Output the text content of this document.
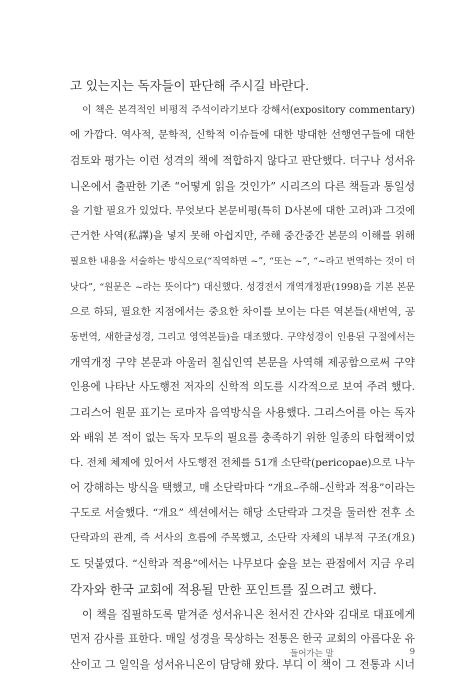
고 있는지는 독자들이 판단해 주시길 바란다.
이 책은 본격적인 비평적 주석이라기보다 강해서(expository commentary)
에 가깝다. 역사적, 문학적, 신학적 이슈들에 대한 방대한 선행연구들에 대한
검토와 평가는 이런 성격의 책에 적합하지 않다고 판단했다. 더구나 성서유
니온에서 출판한 기존 “어떻게 읽을 것인가” 시리즈의 다른 책들과 통일성
을 기할 필요가 있었다. 무엇보다 본문비평(특히 D사본에 대한 고려)과 그것에
근거한 사역(私譯)을 넣지 못해 아쉽지만, 주해 중간중간 본문의 이해를 위해
필요한 내용을 서술하는 방식으로(“직역하면 ~”, “또는 ~”, “~라고 번역하는 것이 더
낫다”, “원문은 ~라는 뜻이다”) 대신했다. 성경전서 개역개정판(1998)을 기본 본문
으로 하되, 필요한 지점에서는 중요한 차이를 보이는 다른 역본들(새번역, 공
동번역, 새한글성경, 그리고 영역본들)을 대조했다. 구약성경이 인용된 구절에서는
개역개정 구약 본문과 아울러 칠십인역 본문을 사역해 제공함으로써 구약
인용에 나타난 사도행전 저자의 신학적 의도를 시각적으로 보여 주려 했다.
그리스어 원문 표기는 로마자 음역방식을 사용했다. 그리스어를 아는 독자
와 배워 본 적이 없는 독자 모두의 필요를 충족하기 위한 일종의 타협책이었
다. 전체 체제에 있어서 사도행전 전체를 51개 소단락(pericopae)으로 나누
어 강해하는 방식을 택했고, 매 소단락마다 “개요–주해–신학과 적용”이라는
구도로 서술했다. “개요” 섹션에서는 해당 소단락과 그것을 둘러싼 전후 소
단락과의 관계, 즉 서사의 흐름에 주목했고, 소단락 자체의 내부적 구조(개요)
도 덧붙였다. “신학과 적용”에서는 나무보다 숲을 보는 관점에서 지금 우리
각자와 한국 교회에 적용될 만한 포인트를 짚으려고 했다.
이 책을 집필하도록 맡겨준 성서유니온 천서진 간사와 김대로 대표에게
먼저 감사를 표한다. 매일 성경을 묵상하는 전통은 한국 교회의 아름다운 유
산이고 그 일익을 성서유니온이 담당해 왔다. 부디 이 책이 그 전통과 시너
들어가는 말	9
